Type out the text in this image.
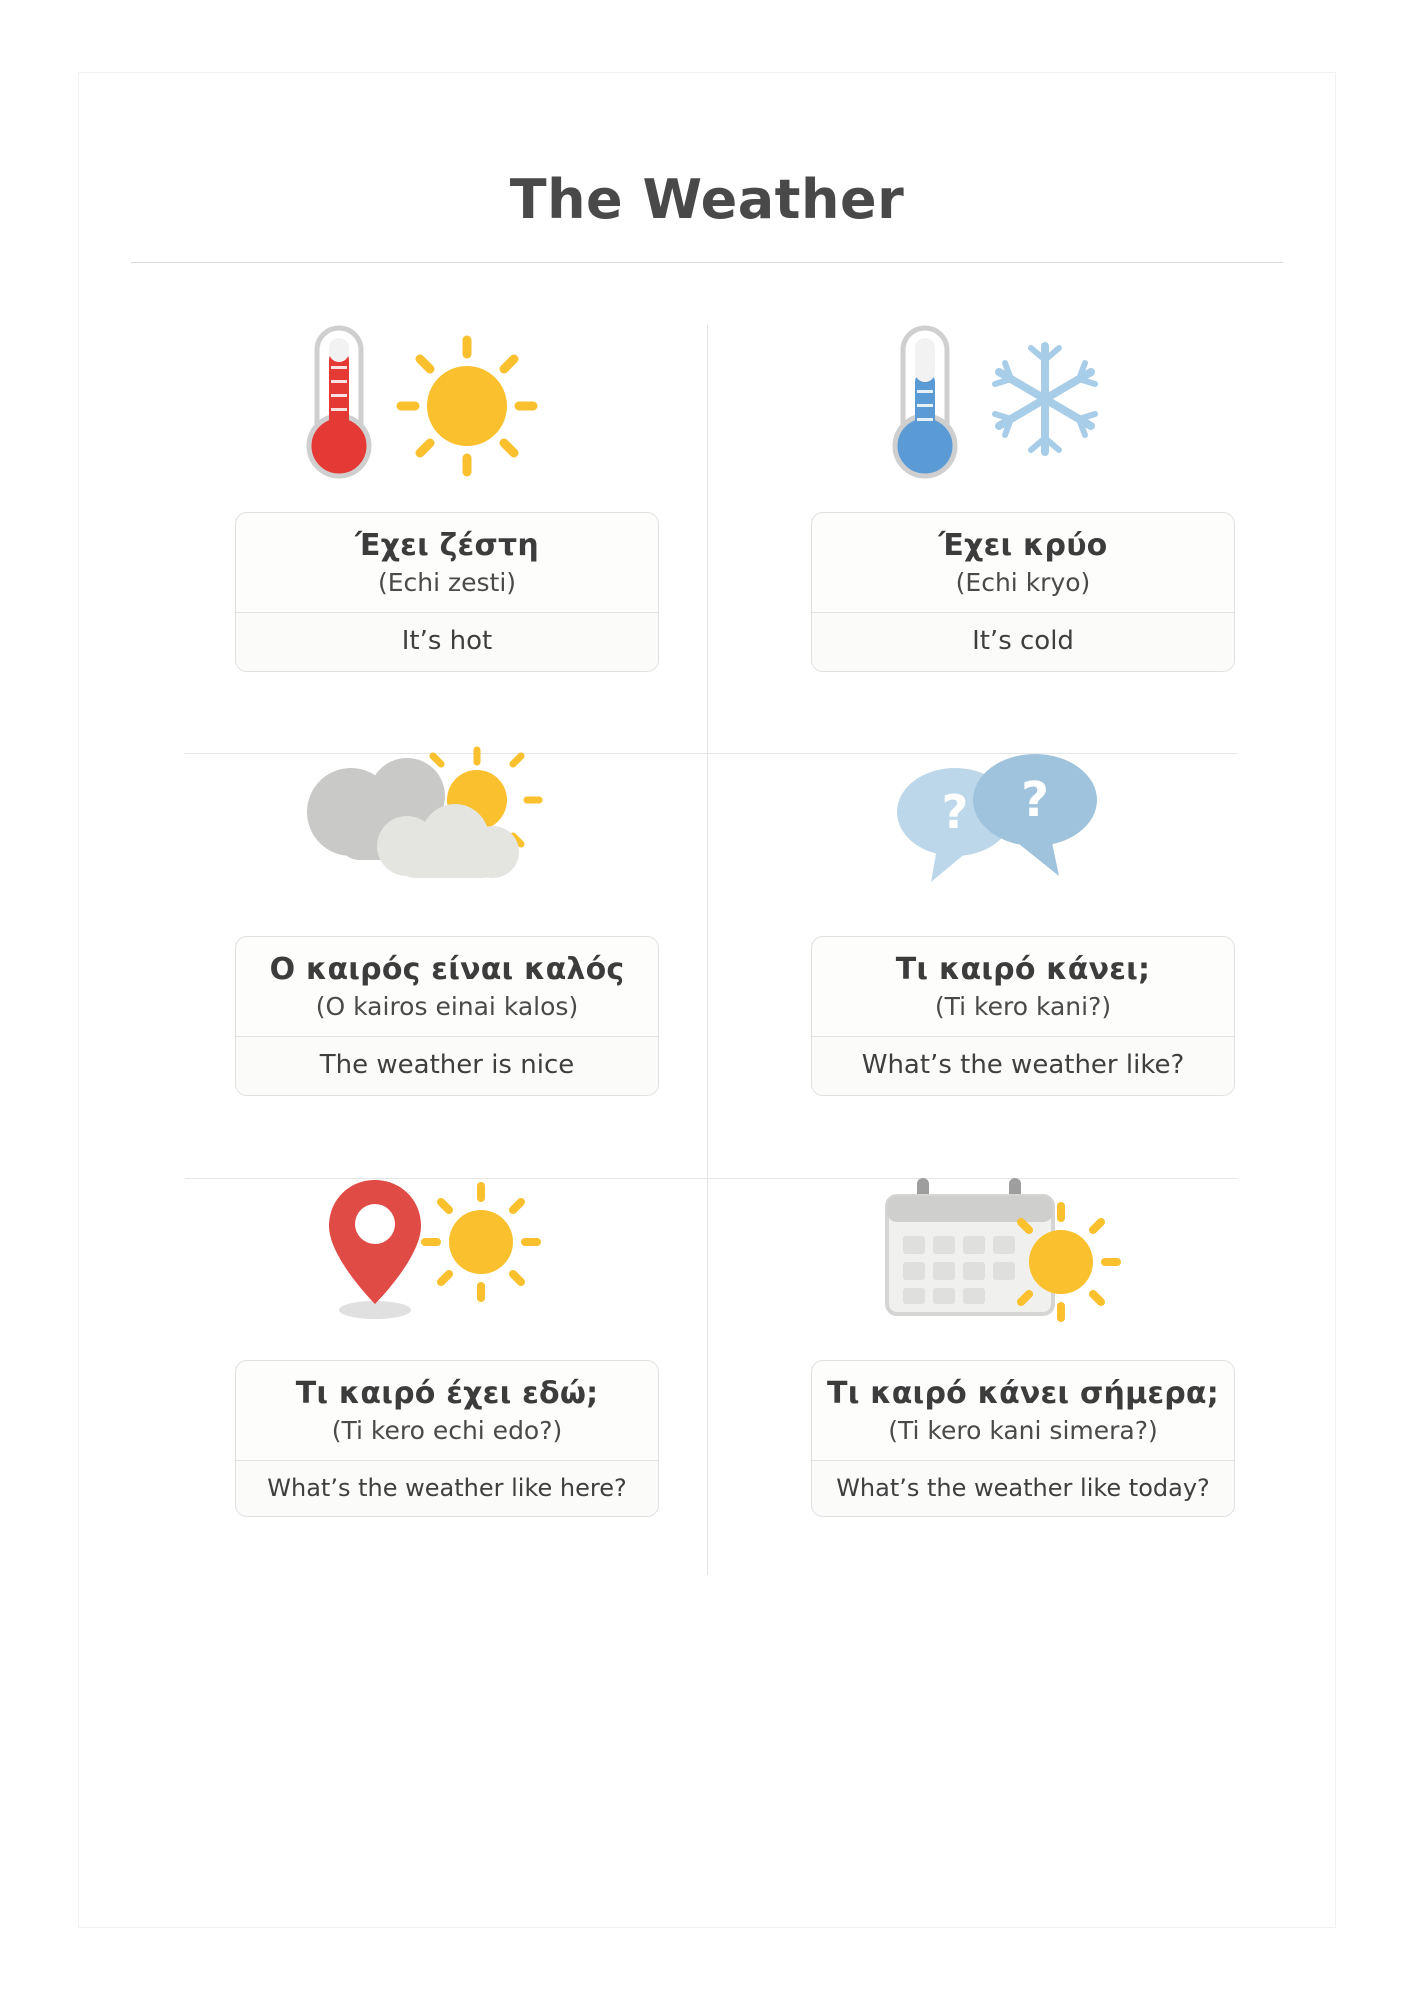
The Weather
Έχει ζέστη
(Echi zesti)
It’s hot
Έχει κρύο
(Echi kryo)
It’s cold
Ο καιρός είναι καλός
(O kairos einai kalos)
The weather is nice
? ?
Τι καιρό κάνει;
(Ti kero kani?)
What’s the weather like?
Τι καιρό έχει εδώ;
(Ti kero echi edo?)
What’s the weather like here?
Τι καιρό κάνει σήμερα;
(Ti kero kani simera?)
What’s the weather like today?
